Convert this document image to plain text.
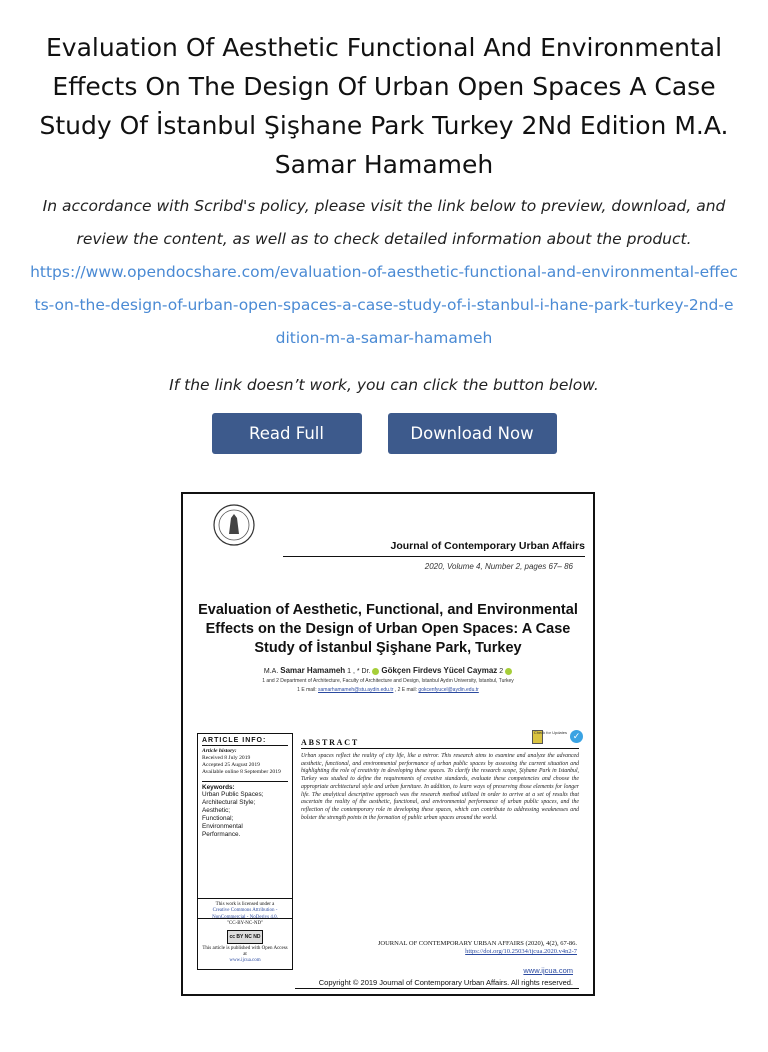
Evaluation Of Aesthetic Functional And Environmental Effects On The Design Of Urban Open Spaces A Case Study Of İstanbul Şişhane Park Turkey 2Nd Edition M.A. Samar Hamameh
In accordance with Scribd's policy, please visit the link below to preview, download, and review the content, as well as to check detailed information about the product.
https://www.opendocshare.com/evaluation-of-aesthetic-functional-and-environmental-effects-on-the-design-of-urban-open-spaces-a-case-study-of-i-stanbul-i-hane-park-turkey-2nd-edition-m-a-samar-hamameh
If the link doesn’t work, you can click the button below.
Read Full	Download Now
Journal of Contemporary Urban Affairs
2020, Volume 4, Number 2, pages 67– 86
Evaluation of Aesthetic, Functional, and Environmental Effects on the Design of Urban Open Spaces: A Case Study of İstanbul Şişhane Park, Turkey
M.A. Samar Hamameh 1 , * Dr. Gökçen Firdevs Yücel Caymaz 2
1 and 2 Department of Architecture, Faculty of Architecture and Design, Istanbul Aydın University, Istanbul, Turkey
1 E mail: samarhamameh@stu.aydin.edu.tr , 2 E mail: gokcenfyucel@aydin.edu.tr
ARTICLE INFO:
Article history:
Received 8 July 2019
Accepted 25 August 2019
Available online 8 September 2019
Keywords:
Urban Public Spaces;
Architectural Style;
Aesthetic;
Functional;
Environmental
Performance.
This work is licensed under a
Creative Commons Attribution - NonCommercial - NoDerivs 4.0.
"CC-BY-NC-ND"
cc BY NC ND
This article is published with Open Access at
www.ijcua.com
ABSTRACT
Check for Updates ✓
Urban spaces reflect the reality of city life, like a mirror. This research aims to examine and analyze the advanced aesthetic, functional, and environmental performance of urban public spaces by assessing the current situation and highlighting the role of creativity in developing these spaces. To clarify the research scope, Şişhane Park in Istanbul, Turkey was studied to define the requirements of creative standards, evaluate these competencies and choose the appropriate architectural style and urban furniture. In addition, to learn ways of preserving those elements for longer life. The analytical descriptive approach was the research method utilized in order to arrive at a set of results that ascertain the reality of the aesthetic, functional, and environmental performance of urban public spaces, and the reflection of the contemporary role in developing these spaces, which can contribute to addressing weaknesses and bolster the strength points in the formation of public urban spaces around the world.
JOURNAL OF CONTEMPORARY URBAN AFFAIRS (2020), 4(2), 67-86.
https://doi.org/10.25034/ijcua.2020.v4n2-7
www.ijcua.com
Copyright © 2019 Journal of Contemporary Urban Affairs. All rights reserved.
